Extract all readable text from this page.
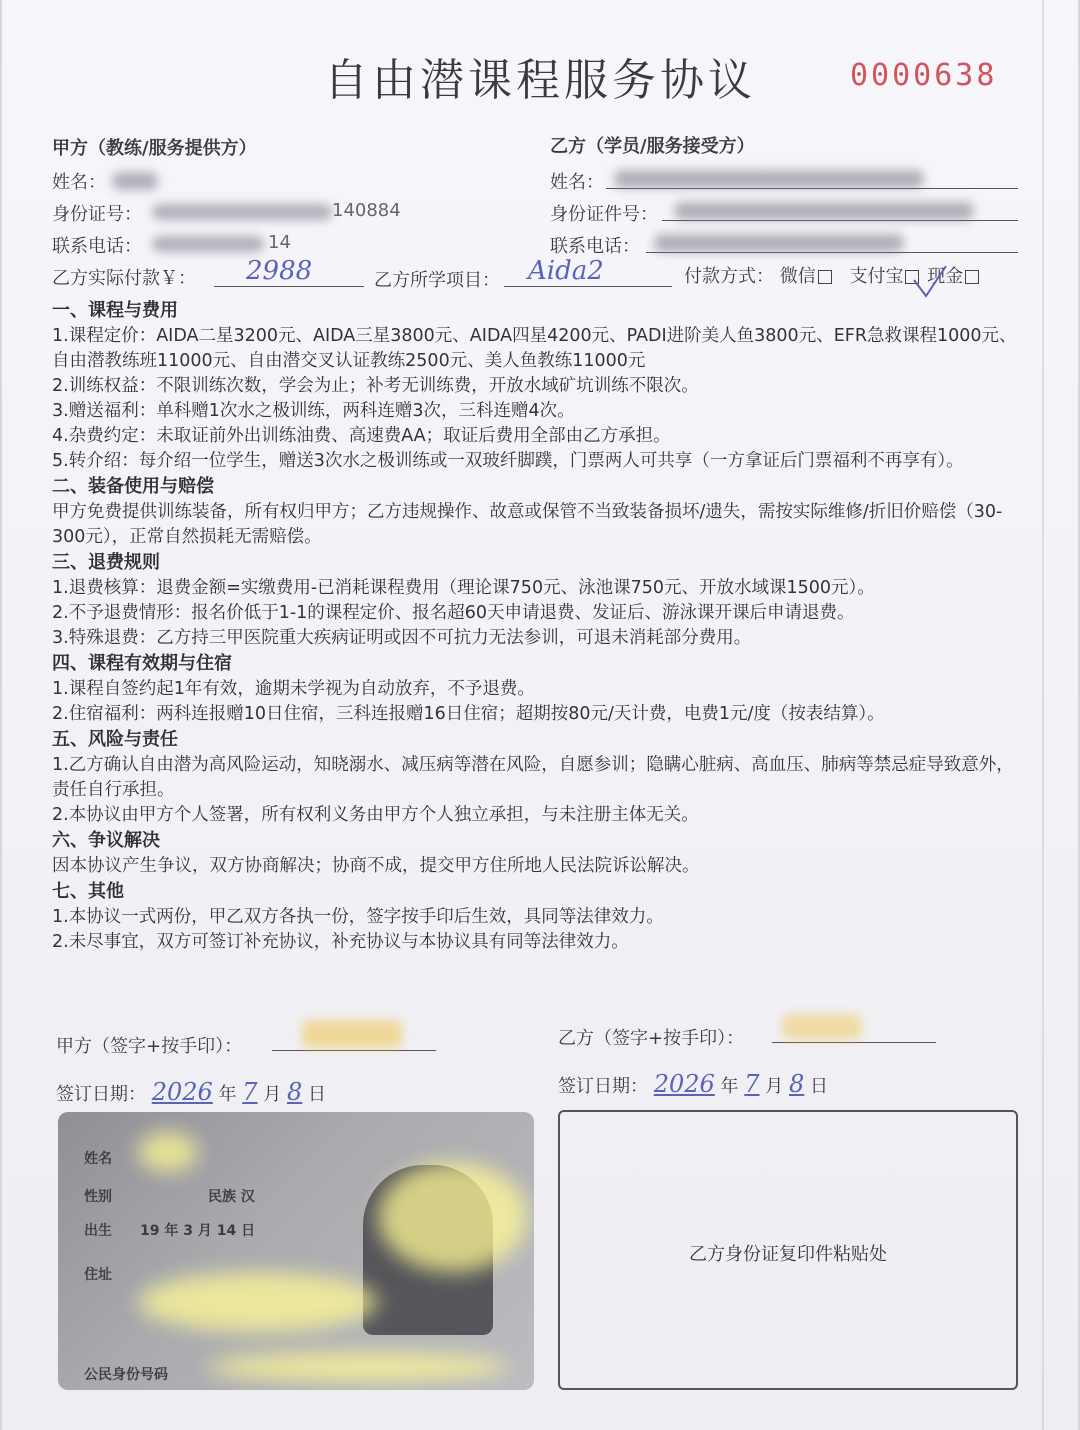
自由潜课程服务协议	0000638
甲方（教练/服务提供方）
姓名：
身份证号：	140884
联系电话：	14
乙方（学员/服务接受方）
姓名：
身份证件号：
联系电话：
乙方实际付款￥： 2988	乙方所学项目： Aida2	付款方式： 微信 支付宝 现金
一、课程与费用
1.课程定价：AIDA二星3200元、AIDA三星3800元、AIDA四星4200元、PADI进阶美人鱼3800元、EFR急救课程1000元、自由潜教练班11000元、自由潜交叉认证教练2500元、美人鱼教练11000元
2.训练权益：不限训练次数，学会为止；补考无训练费，开放水域矿坑训练不限次。
3.赠送福利：单科赠1次水之极训练，两科连赠3次，三科连赠4次。
4.杂费约定：未取证前外出训练油费、高速费AA；取证后费用全部由乙方承担。
5.转介绍：每介绍一位学生，赠送3次水之极训练或一双玻纤脚蹼，门票两人可共享（一方拿证后门票福利不再享有）。
二、装备使用与赔偿
甲方免费提供训练装备，所有权归甲方；乙方违规操作、故意或保管不当致装备损坏/遗失，需按实际维修/折旧价赔偿（30-300元），正常自然损耗无需赔偿。
三、退费规则
1.退费核算：退费金额=实缴费用-已消耗课程费用（理论课750元、泳池课750元、开放水域课1500元）。
2.不予退费情形：报名价低于1-1的课程定价、报名超60天申请退费、发证后、游泳课开课后申请退费。
3.特殊退费：乙方持三甲医院重大疾病证明或因不可抗力无法参训，可退未消耗部分费用。
四、课程有效期与住宿
1.课程自签约起1年有效，逾期未学视为自动放弃，不予退费。
2.住宿福利：两科连报赠10日住宿，三科连报赠16日住宿；超期按80元/天计费，电费1元/度（按表结算）。
五、风险与责任
1.乙方确认自由潜为高风险运动，知晓溺水、减压病等潜在风险，自愿参训；隐瞒心脏病、高血压、肺病等禁忌症导致意外，责任自行承担。
2.本协议由甲方个人签署，所有权利义务由甲方个人独立承担，与未注册主体无关。
六、争议解决
因本协议产生争议，双方协商解决；协商不成，提交甲方住所地人民法院诉讼解决。
七、其他
1.本协议一式两份，甲乙双方各执一份，签字按手印后生效，具同等法律效力。
2.未尽事宜，双方可签订补充协议，补充协议与本协议具有同等法律效力。
甲方（签字+按手印）：	乙方（签字+按手印）：
签订日期： 2026 年 7 月 8 日	签订日期： 2026 年 7 月 8 日
姓名
性别	民族 汉
出生 19 年 3 月 14 日
住址
公民身份号码
乙方身份证复印件粘贴处
